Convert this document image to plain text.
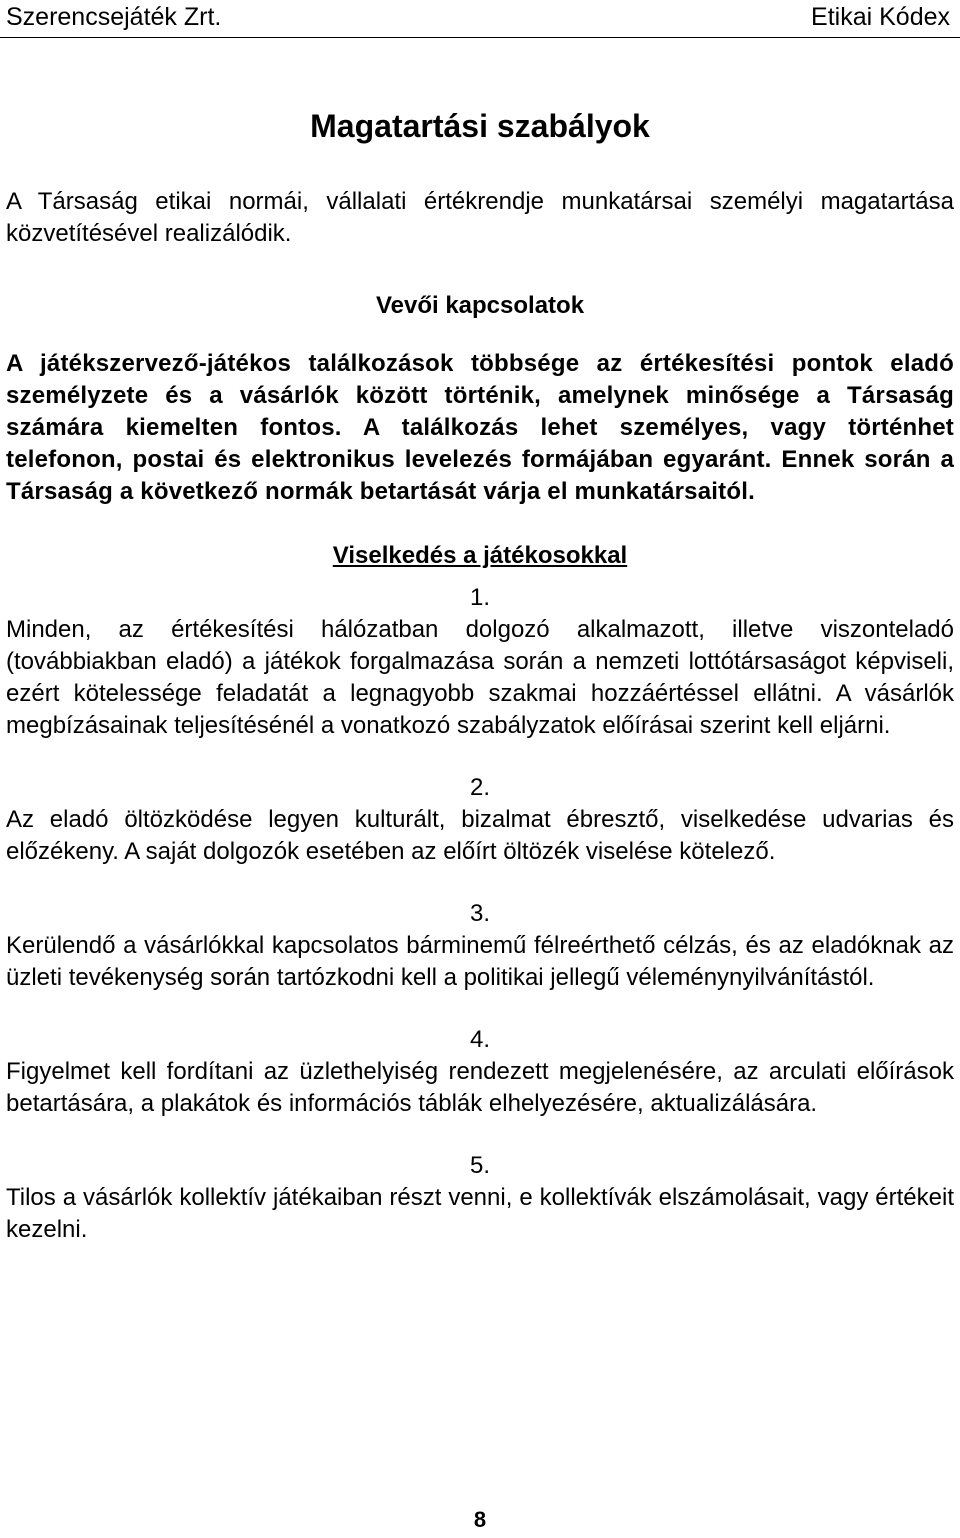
Szerencsejáték Zrt.	Etikai Kódex
Magatartási szabályok

A Társaság etikai normái, vállalati értékrendje munkatársai személyi magatartása közvetítésével realizálódik.

Vevői kapcsolatok

A játékszervező-játékos találkozások többsége az értékesítési pontok eladó személyzete és a vásárlók között történik, amelynek minősége a Társaság számára kiemelten fontos. A találkozás lehet személyes, vagy történhet telefonon, postai és elektronikus levelezés formájában egyaránt. Ennek során a Társaság a következő normák betartását várja el munkatársaitól.

Viselkedés a játékosokkal
1.

Minden, az értékesítési hálózatban dolgozó alkalmazott, illetve viszonteladó (továbbiakban eladó) a játékok forgalmazása során a nemzeti lottótársaságot képviseli, ezért kötelessége feladatát a legnagyobb szakmai hozzáértéssel ellátni. A vásárlók megbízásainak teljesítésénél a vonatkozó szabályzatok előírásai szerint kell eljárni.

2.

Az eladó öltözködése legyen kulturált, bizalmat ébresztő, viselkedése udvarias és előzékeny. A saját dolgozók esetében az előírt öltözék viselése kötelező.

3.

Kerülendő a vásárlókkal kapcsolatos bárminemű félreérthető célzás, és az eladóknak az üzleti tevékenység során tartózkodni kell a politikai jellegű véleménynyilvánítástól.

4.

Figyelmet kell fordítani az üzlethelyiség rendezett megjelenésére, az arculati előírások betartására, a plakátok és információs táblák elhelyezésére, aktualizálására.

5.

Tilos a vásárlók kollektív játékaiban részt venni, e kollektívák elszámolásait, vagy értékeit kezelni.

8
